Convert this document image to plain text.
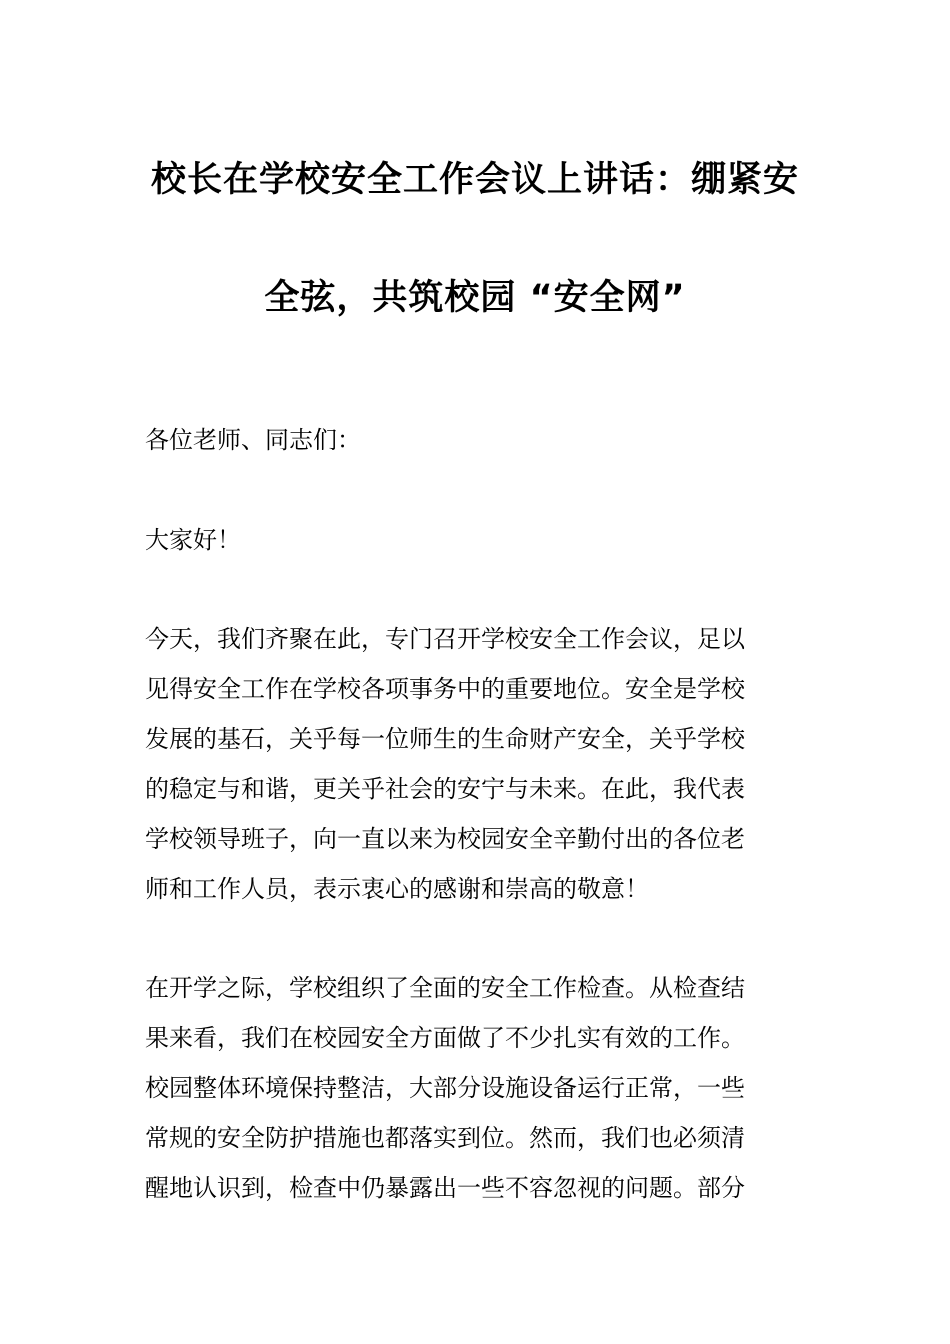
校长在学校安全工作会议上讲话：绷紧安
全弦，共筑校园 “安全网”
各位老师、同志们：
大家好！
今天，我们齐聚在此，专门召开学校安全工作会议，足以
见得安全工作在学校各项事务中的重要地位。安全是学校
发展的基石，关乎每一位师生的生命财产安全，关乎学校
的稳定与和谐，更关乎社会的安宁与未来。在此，我代表
学校领导班子，向一直以来为校园安全辛勤付出的各位老
师和工作人员，表示衷心的感谢和崇高的敬意！
在开学之际，学校组织了全面的安全工作检查。从检查结
果来看，我们在校园安全方面做了不少扎实有效的工作。
校园整体环境保持整洁，大部分设施设备运行正常，一些
常规的安全防护措施也都落实到位。然而，我们也必须清
醒地认识到，检查中仍暴露出一些不容忽视的问题。部分
